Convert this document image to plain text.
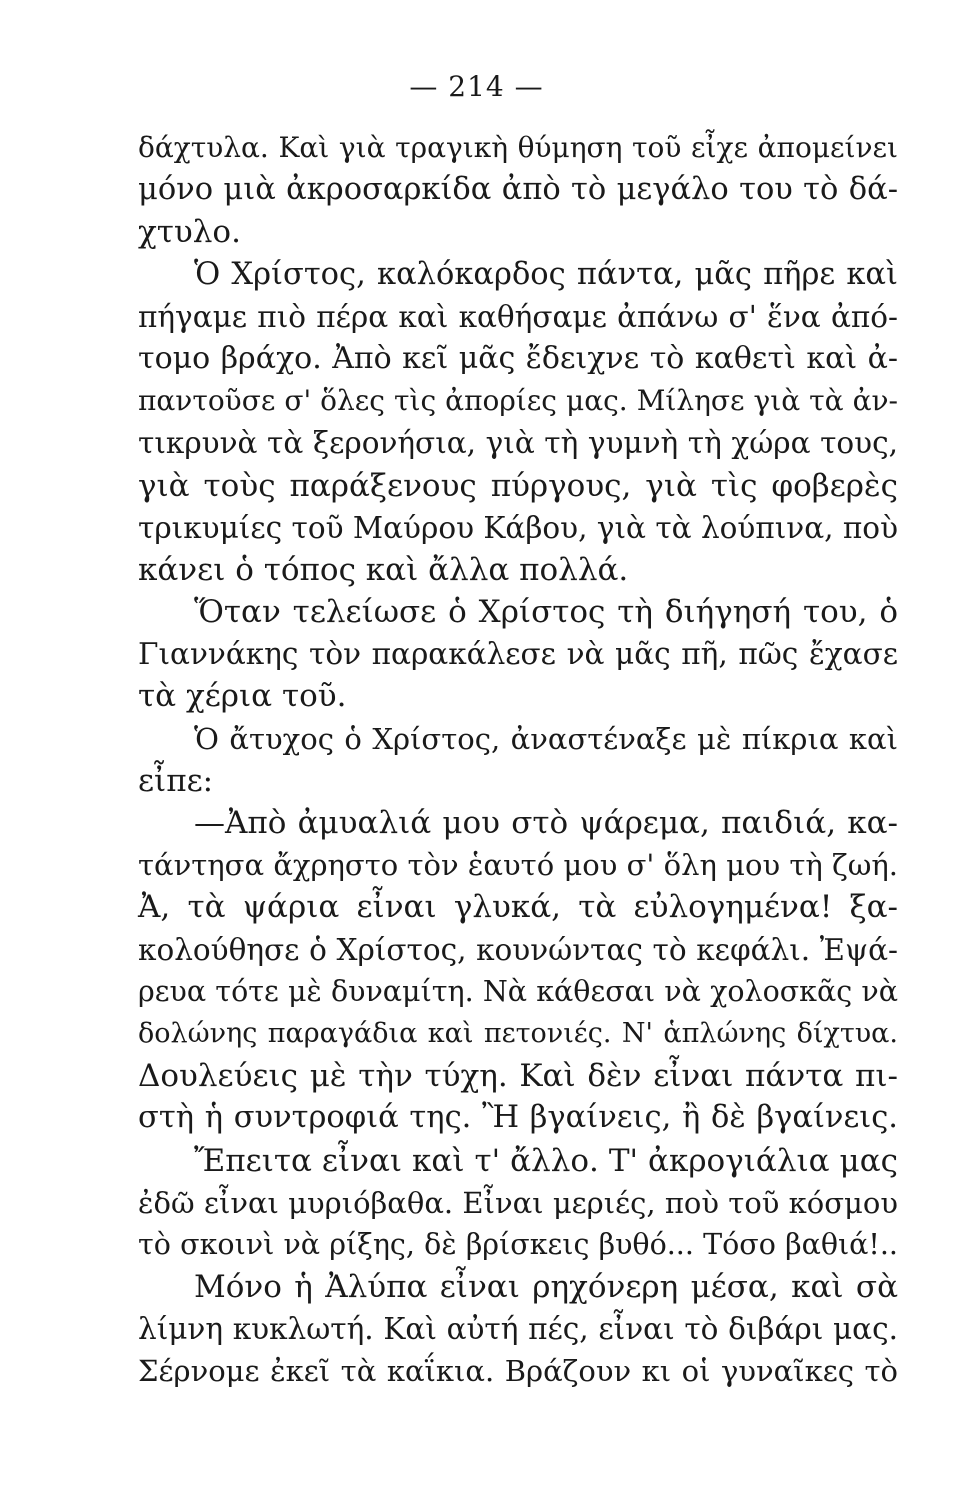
— 214 —
δάχτυλα. Καὶ γιὰ τραγικὴ θύμηση τοῦ εἶχε ἀπομείνει
μόνο μιὰ ἀκροσαρκίδα ἀπὸ τὸ μεγάλο του τὸ δά-
χτυλο.
Ὁ Χρίστος, καλόκαρδος πάντα, μᾶς πῆρε καὶ
πήγαμε πιὸ πέρα καὶ καθήσαμε ἀπάνω σ' ἕνα ἀπό-
τομο βράχο. Ἀπὸ κεῖ μᾶς ἔδειχνε τὸ καθετὶ καὶ ἀ-
παντοῦσε σ' ὅλες τὶς ἀπορίες μας. Μίλησε γιὰ τὰ ἀν-
τικρυνὰ τὰ ξερονήσια, γιὰ τὴ γυμνὴ τὴ χώρα τους,
γιὰ τοὺς παράξενους πύργους, γιὰ τὶς φοβερὲς
τρικυμίες τοῦ Μαύρου Κάβου, γιὰ τὰ λούπινα, ποὺ
κάνει ὁ τόπος καὶ ἄλλα πολλά.
Ὅταν τελείωσε ὁ Χρίστος τὴ διήγησή του, ὁ
Γιαννάκης τὸν παρακάλεσε νὰ μᾶς πῆ, πῶς ἔχασε
τὰ χέρια τοῦ.
Ὁ ἄτυχος ὁ Χρίστος, ἀναστέναξε μὲ πίκρια καὶ
εἶπε:
—Ἀπὸ ἀμυαλιά μου στὸ ψάρεμα, παιδιά, κα-
τάντησα ἄχρηστο τὸν ἑαυτό μου σ' ὅλη μου τὴ ζωή.
Ἀ, τὰ ψάρια εἶναι γλυκά, τὰ εὐλογημένα! ξα-
κολούθησε ὁ Χρίστος, κουνώντας τὸ κεφάλι. Ἐψά-
ρευα τότε μὲ δυναμίτη. Νὰ κάθεσαι νὰ χολοσκᾶς νὰ
δολώνης παραγάδια καὶ πετονιές. Ν' ἁπλώνης δίχτυα.
Δουλεύεις μὲ τὴν τύχη. Καὶ δὲν εἶναι πάντα πι-
στὴ ἡ συντροφιά της. Ἢ βγαίνεις, ἢ δὲ βγαίνεις.
Ἔπειτα εἶναι καὶ τ' ἄλλο. Τ' ἀκρογιάλια μας
ἐδῶ εἶναι μυριόβαθα. Εἶναι μεριές, ποὺ τοῦ κόσμου
τὸ σκοινὶ νὰ ρίξης, δὲ βρίσκεις βυθό... Τόσο βαθιά!..
Μόνο ἡ Ἀλύπα εἶναι ρηχόνερη μέσα, καὶ σὰ
λίμνη κυκλωτή. Καὶ αὐτή πές, εἶναι τὸ διβάρι μας.
Σέρνομε ἐκεῖ τὰ καΐκια. Βράζουν κι οἱ γυναῖκες τὸ
